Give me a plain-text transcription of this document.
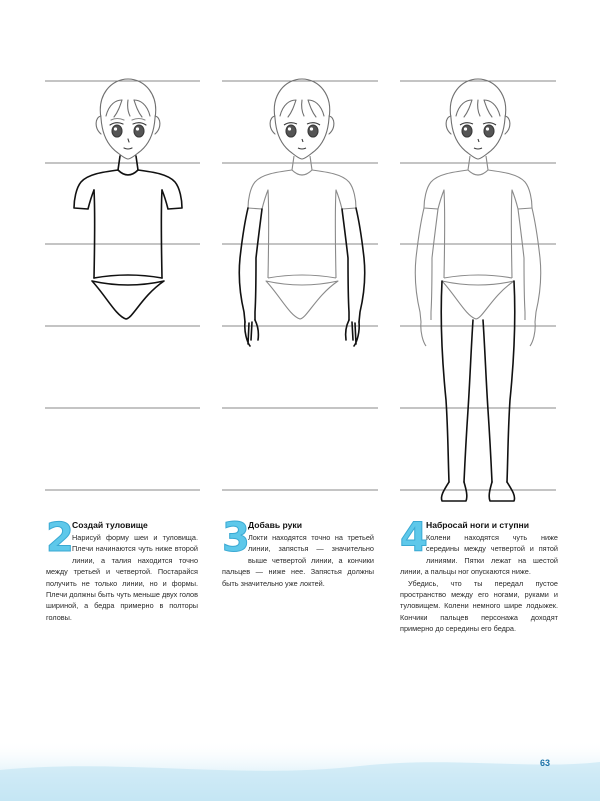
2
Создай туловище

Нарисуй форму шеи и туловища. Плечи начинаются чуть ниже второй линии, а талия находится точно между третьей и четвертой. Постарайся получить не только линии, но и формы. Плечи должны быть чуть меньше двух голов шириной, а бедра примерно в полторы головы.

3
Добавь руки

Локти находятся точно на третьей линии, запястья — значительно выше четвертой линии, а кончики пальцев — ниже нее. Запястья должны быть значительно уже локтей.

4
Набросай ноги и ступни

Колени находятся чуть ниже середины между четвертой и пятой линиями. Пятки лежат на шестой линии, а пальцы ног опускаются ниже.

Убедись, что ты передал пустое пространство между его ногами, руками и туловищем. Колени немного шире лодыжек. Кончики пальцев персонажа доходят примерно до середины его бедра.

63
